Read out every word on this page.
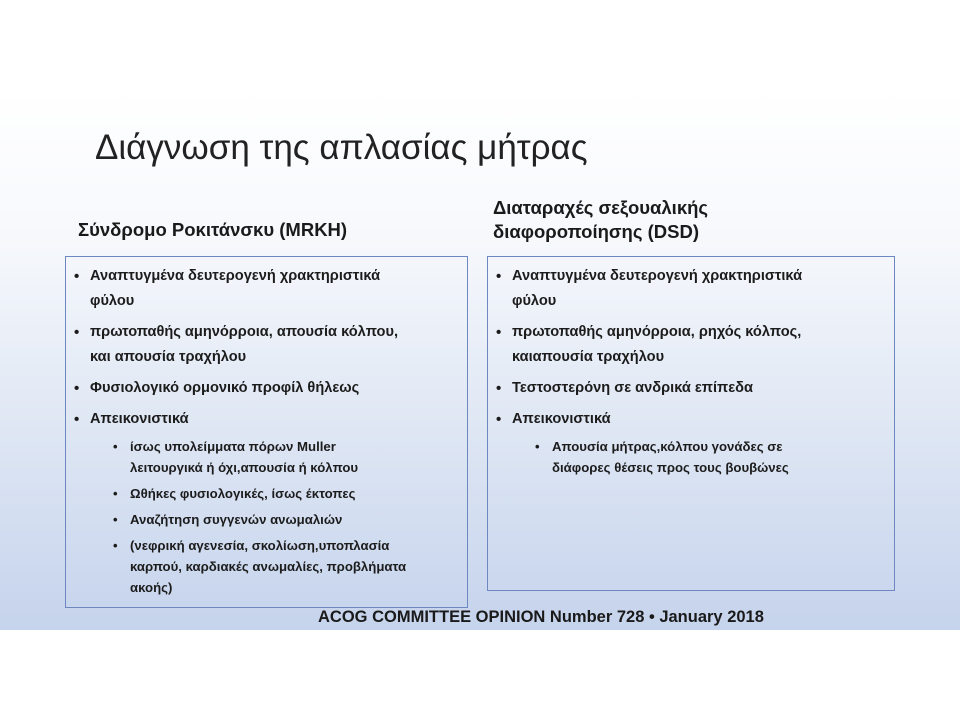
Διάγνωση της απλασίας μήτρας
Σύνδρομο Ροκιτάνσκυ (MRKH)
Διαταραχές σεξουαλικής
διαφοροποίησης (DSD)
• Αναπτυγμένα δευτερογενή χρακτηριστικά
φύλου
• πρωτοπαθής αμηνόρροια, απουσία κόλπου,
και απουσία τραχήλου
• Φυσιολογικό ορμονικό προφίλ θήλεως
• Απεικονιστικά
• ίσως υπολείμματα πόρων Muller
λειτουργικά ή όχι,απουσία ή κόλπου
• Ωθήκες φυσιολογικές, ίσως έκτοπες
• Αναζήτηση συγγενών ανωμαλιών
• (νεφρική αγενεσία, σκολίωση,υποπλασία
καρπού, καρδιακές ανωμαλίες, προβλήματα
ακοής)
• Αναπτυγμένα δευτερογενή χρακτηριστικά
φύλου
• πρωτοπαθής αμηνόρροια, ρηχός κόλπος,
καιαπουσία τραχήλου
• Τεστοστερόνη σε ανδρικά επίπεδα
• Απεικονιστικά
• Απουσία μήτρας,κόλπου γονάδες σε
διάφορες θέσεις προς τους βουβώνες
ACOG COMMITTEE OPINION Number 728 • January 2018
